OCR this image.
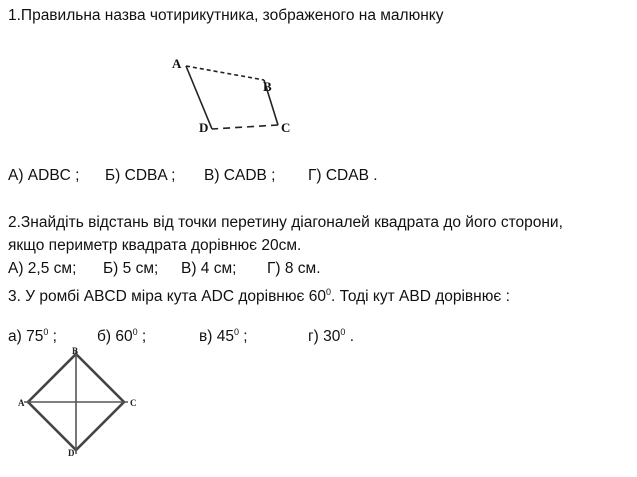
1.Правильна назва чотирикутника, зображеного на малюнку
A
B
C
D
А) ADBC ; Б) CDBA ; В) CADB ; Г) CDAB .
2.Знайдіть відстань від точки перетину діагоналей квадрата до його сторони,
якщо периметр квадрата дорівнює 20см.
А) 2,5 см; Б) 5 см; В) 4 см; Г) 8 см.
3. У ромбі ABCD міра кута ADC дорівнює $60^0$. Тоді кут ABD дорівнює :
а) $75^0$ ;	б) $60^0$ ;	в) $45^0$ ;	г) $30^0$ .
A
B
C
D
